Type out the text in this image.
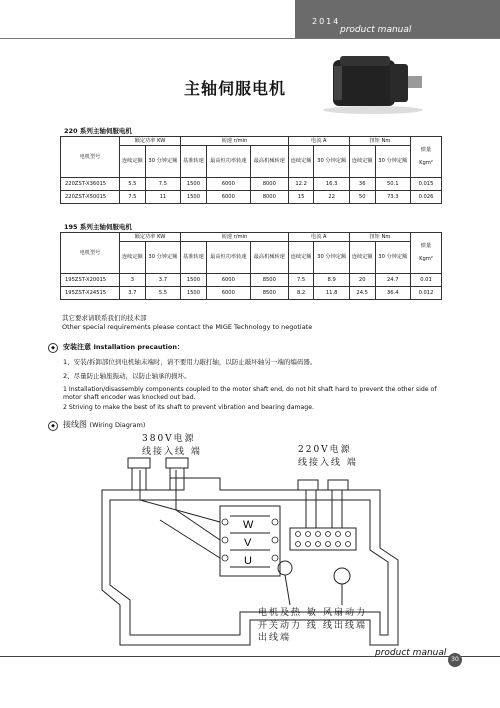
2014
product manual
主轴伺服电机
220 系列主轴伺服电机
电机型号	额定功率 KW		转速 r/min			电流 A		扭矩 Nm		惯量

Kgm²
	连续定额	30 分钟定额	基准转速	最高恒功率转速	最高机械转速	连续定额	30 分钟定额	连续定额	30 分钟定额	
220ZST-X36015	5.5	7.5	1500	6000	8000	12.2	16.3	36	50.1	0.015
220ZST-X50015	7.5	11	1500	6000	8000	15	22	50	73.3	0.026
195 系列主轴伺服电机
电机型号	额定功率 KW		转速 r/min			电流 A		扭矩 Nm		惯量

Kgm²
	连续定额	30 分钟定额	基准转速	最高恒功率转速	最高机械转速	连续定额	30 分钟定额	连续定额	30 分钟定额	
195ZST-X20015	3	3.7	1500	6000	8500	7.5	8.9	20	24.7	0.01
195ZST-X24515	3.7	5.5	1500	6000	8500	8.2	11.8	24.5	36.4	0.012
其它要求请联系我们的技术部
Other special requirements please contact the MIGE Technology to negotiate
◆	安装注意 Installation precaution：
1、安装/拆卸部位到电机轴末端时，请不要用力敲打轴，以防止敲坏轴另一端的编码器。
2、尽量防止轴座振动，以防止轴承的损坏。
1 Installation/disassembly components coupled to the motor shaft end, do not hit shaft hard to prevent the other side of motor shaft encoder was knocked out bad.
2 Striving to make the best of its shaft to prevent vibration and bearing damage.
◆	接线图 (Wiring Diagram)
W
V
U
380V电源 线接入线 端	220V电源 线接入线 端
电机及热 敏开关动力 线出线端
风扇动力 线出线端
product manual
30
